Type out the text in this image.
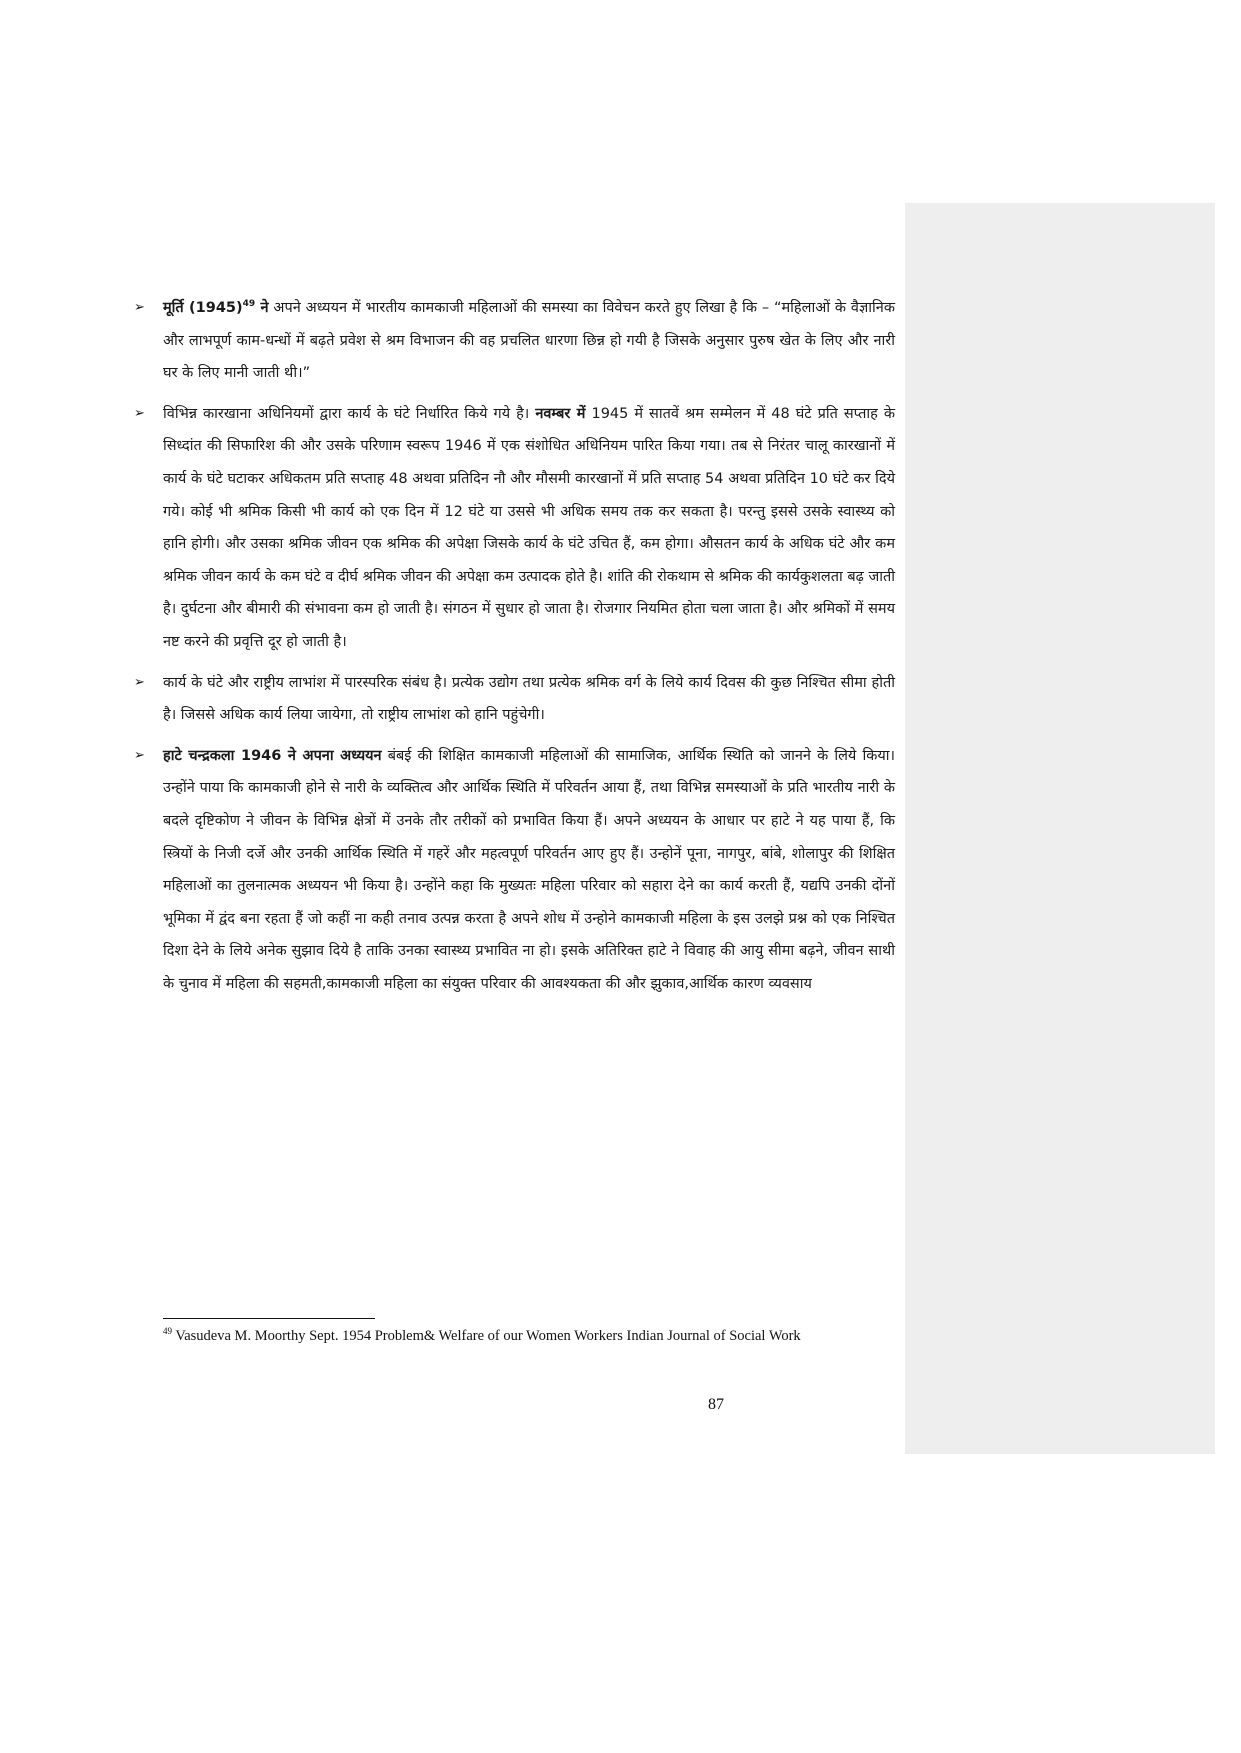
➢ मूर्ति $(1945)^{49}$ ने अपने अध्ययन में भारतीय कामकाजी महिलाओं की समस्या का विवेचन करते हुए लिखा है कि – “महिलाओं के वैज्ञानिक और लाभपूर्ण काम-धन्धों में बढ़ते प्रवेश से श्रम विभाजन की वह प्रचलित धारणा छिन्न हो गयी है जिसके अनुसार पुरुष खेत के लिए और नारी घर के लिए मानी जाती थी।”
➢ विभिन्न कारखाना अधिनियमों द्वारा कार्य के घंटे निर्धारित किये गये है। नवम्बर में 1945 में सातवें श्रम सम्मेलन में 48 घंटे प्रति सप्ताह के सिध्दांत की सिफारिश की और उसके परिणाम स्वरूप 1946 में एक संशोधित अधिनियम पारित किया गया। तब से निरंतर चालू कारखानों में कार्य के घंटे घटाकर अधिकतम प्रति सप्ताह 48 अथवा प्रतिदिन नौ और मौसमी कारखानों में प्रति सप्ताह 54 अथवा प्रतिदिन 10 घंटे कर दिये गये। कोई भी श्रमिक किसी भी कार्य को एक दिन में 12 घंटे या उससे भी अधिक समय तक कर सकता है। परन्तु इससे उसके स्वास्थ्य को हानि होगी। और उसका श्रमिक जीवन एक श्रमिक की अपेक्षा जिसके कार्य के घंटे उचित हैं, कम होगा। औसतन कार्य के अधिक घंटे और कम श्रमिक जीवन कार्य के कम घंटे व दीर्घ श्रमिक जीवन की अपेक्षा कम उत्पादक होते है। शांति की रोकथाम से श्रमिक की कार्यकुशलता बढ़ जाती है। दुर्घटना और बीमारी की संभावना कम हो जाती है। संगठन में सुधार हो जाता है। रोजगार नियमित होता चला जाता है। और श्रमिकों में समय नष्ट करने की प्रवृत्ति दूर हो जाती है।
➢ कार्य के घंटे और राष्ट्रीय लाभांश में पारस्परिक संबंध है। प्रत्येक उद्योग तथा प्रत्येक श्रमिक वर्ग के लिये कार्य दिवस की कुछ निश्चित सीमा होती है। जिससे अधिक कार्य लिया जायेगा, तो राष्ट्रीय लाभांश को हानि पहुंचेगी।
➢ हाटे चन्द्रकला 1946 ने अपना अध्ययन बंबई की शिक्षित कामकाजी महिलाओं की सामाजिक, आर्थिक स्थिति को जानने के लिये किया। उन्होंने पाया कि कामकाजी होने से नारी के व्यक्तित्व और आर्थिक स्थिति में परिवर्तन आया हैं, तथा विभिन्न समस्याओं के प्रति भारतीय नारी के बदले दृष्टिकोण ने जीवन के विभिन्न क्षेत्रों में उनके तौर तरीकों को प्रभावित किया हैं। अपने अध्ययन के आधार पर हाटे ने यह पाया हैं, कि स्त्रियों के निजी दर्जे और उनकी आर्थिक स्थिति में गहरें और महत्वपूर्ण परिवर्तन आए हुए हैं। उन्होनें पूना, नागपुर, बांबे, शोलापुर की शिक्षित महिलाओं का तुलनात्मक अध्ययन भी किया है। उन्होंने कहा कि मुख्यतः महिला परिवार को सहारा देने का कार्य करती हैं, यद्यपि उनकी दोंनों भूमिका में द्वंद बना रहता हैं जो कहीं ना कही तनाव उत्पन्न करता है अपने शोध में उन्होने कामकाजी महिला के इस उलझे प्रश्न को एक निश्चित दिशा देने के लिये अनेक सुझाव दिये है ताकि उनका स्वास्थ्य प्रभावित ना हो। इसके अतिरिक्त हाटे ने विवाह की आयु सीमा बढ़ने, जीवन साथी के चुनाव में महिला की सहमती,कामकाजी महिला का संयुक्त परिवार की आवश्यकता की और झुकाव,आर्थिक कारण व्यवसाय
$^{49}$ Vasudeva M. Moorthy Sept. 1954 Problem& Welfare of our Women Workers Indian Journal of Social Work
87
